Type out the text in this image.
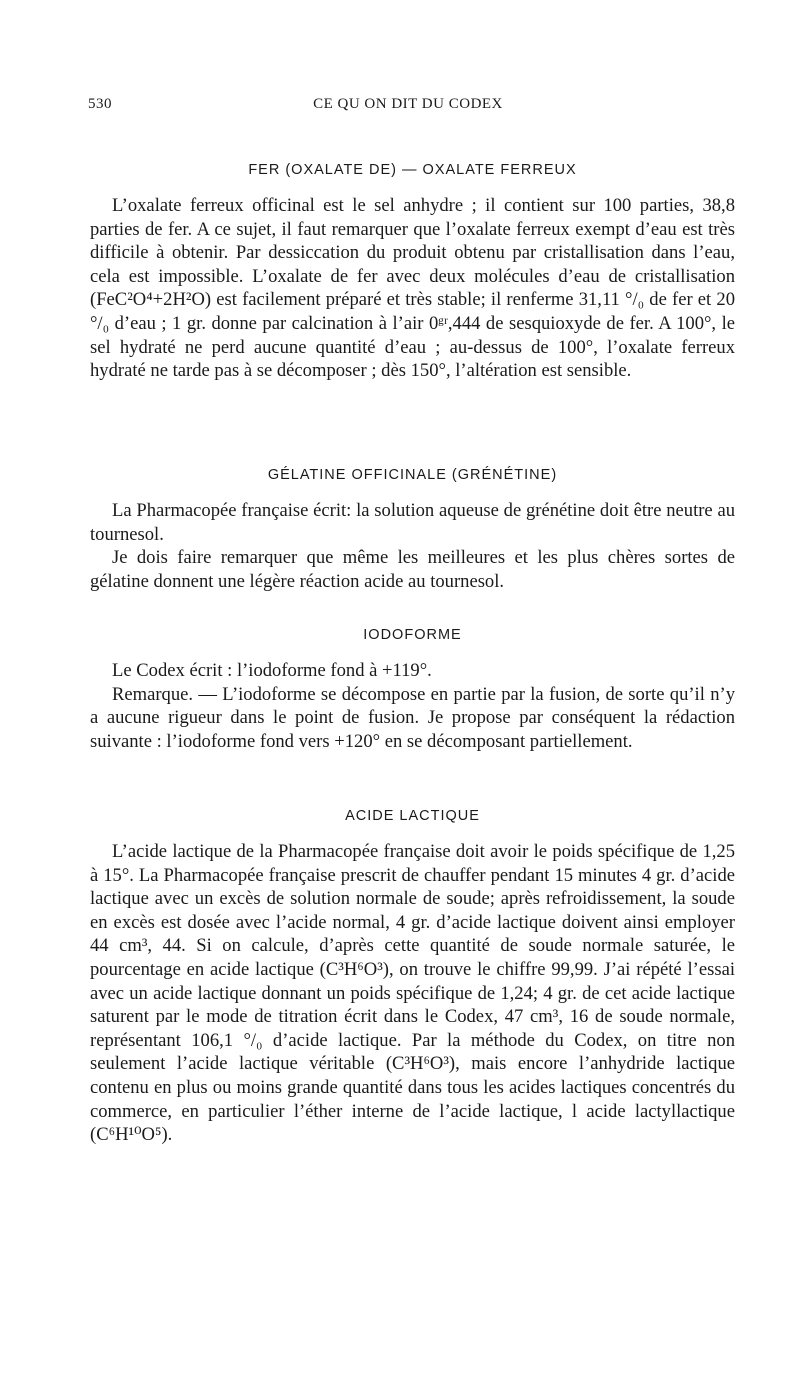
530	CE QU ON DIT DU CODEX
FER (OXALATE DE) — OXALATE FERREUX

L’oxalate ferreux officinal est le sel anhydre ; il contient sur 100 parties, 38,8 parties de fer. A ce sujet, il faut remarquer que l’oxalate ferreux exempt d’eau est très difficile à obtenir. Par dessiccation du produit obtenu par cristallisation dans l’eau, cela est impossible. L’oxalate de fer avec deux molécules d’eau de cristallisation (FeC²O⁴+2H²O) est facilement préparé et très stable; il renferme 31,11 °/₀ de fer et 20 °/₀ d’eau ; 1 gr. donne par calcination à l’air 0ᵍʳ,444 de sesquioxyde de fer. A 100°, le sel hydraté ne perd aucune quantité d’eau ; au-dessus de 100°, l’oxalate ferreux hydraté ne tarde pas à se décomposer ; dès 150°, l’altération est sensible.

GÉLATINE OFFICINALE (GRÉNÉTINE)

La Pharmacopée française écrit: la solution aqueuse de grénétine doit être neutre au tournesol.

Je dois faire remarquer que même les meilleures et les plus chères sortes de gélatine donnent une légère réaction acide au tournesol.

IODOFORME

Le Codex écrit : l’iodoforme fond à +119°.

Remarque. — L’iodoforme se décompose en partie par la fusion, de sorte qu’il n’y a aucune rigueur dans le point de fusion. Je propose par conséquent la rédaction suivante : l’iodoforme fond vers +120° en se décomposant partiellement.

ACIDE LACTIQUE

L’acide lactique de la Pharmacopée française doit avoir le poids spécifique de 1,25 à 15°. La Pharmacopée française prescrit de chauffer pendant 15 minutes 4 gr. d’acide lactique avec un excès de solution normale de soude; après refroidissement, la soude en excès est dosée avec l’acide normal, 4 gr. d’acide lactique doivent ainsi employer 44 cm³, 44. Si on calcule, d’après cette quantité de soude normale saturée, le pourcentage en acide lactique (C³H⁶O³), on trouve le chiffre 99,99. J’ai répété l’essai avec un acide lactique donnant un poids spécifique de 1,24; 4 gr. de cet acide lactique saturent par le mode de titration écrit dans le Codex, 47 cm³, 16 de soude normale, représentant 106,1 °/₀ d’acide lactique. Par la méthode du Codex, on titre non seulement l’acide lactique véritable (C³H⁶O³), mais encore l’anhydride lactique contenu en plus ou moins grande quantité dans tous les acides lactiques concentrés du commerce, en particulier l’éther interne de l’acide lactique, l acide lactyllactique (C⁶H¹⁰O⁵).
